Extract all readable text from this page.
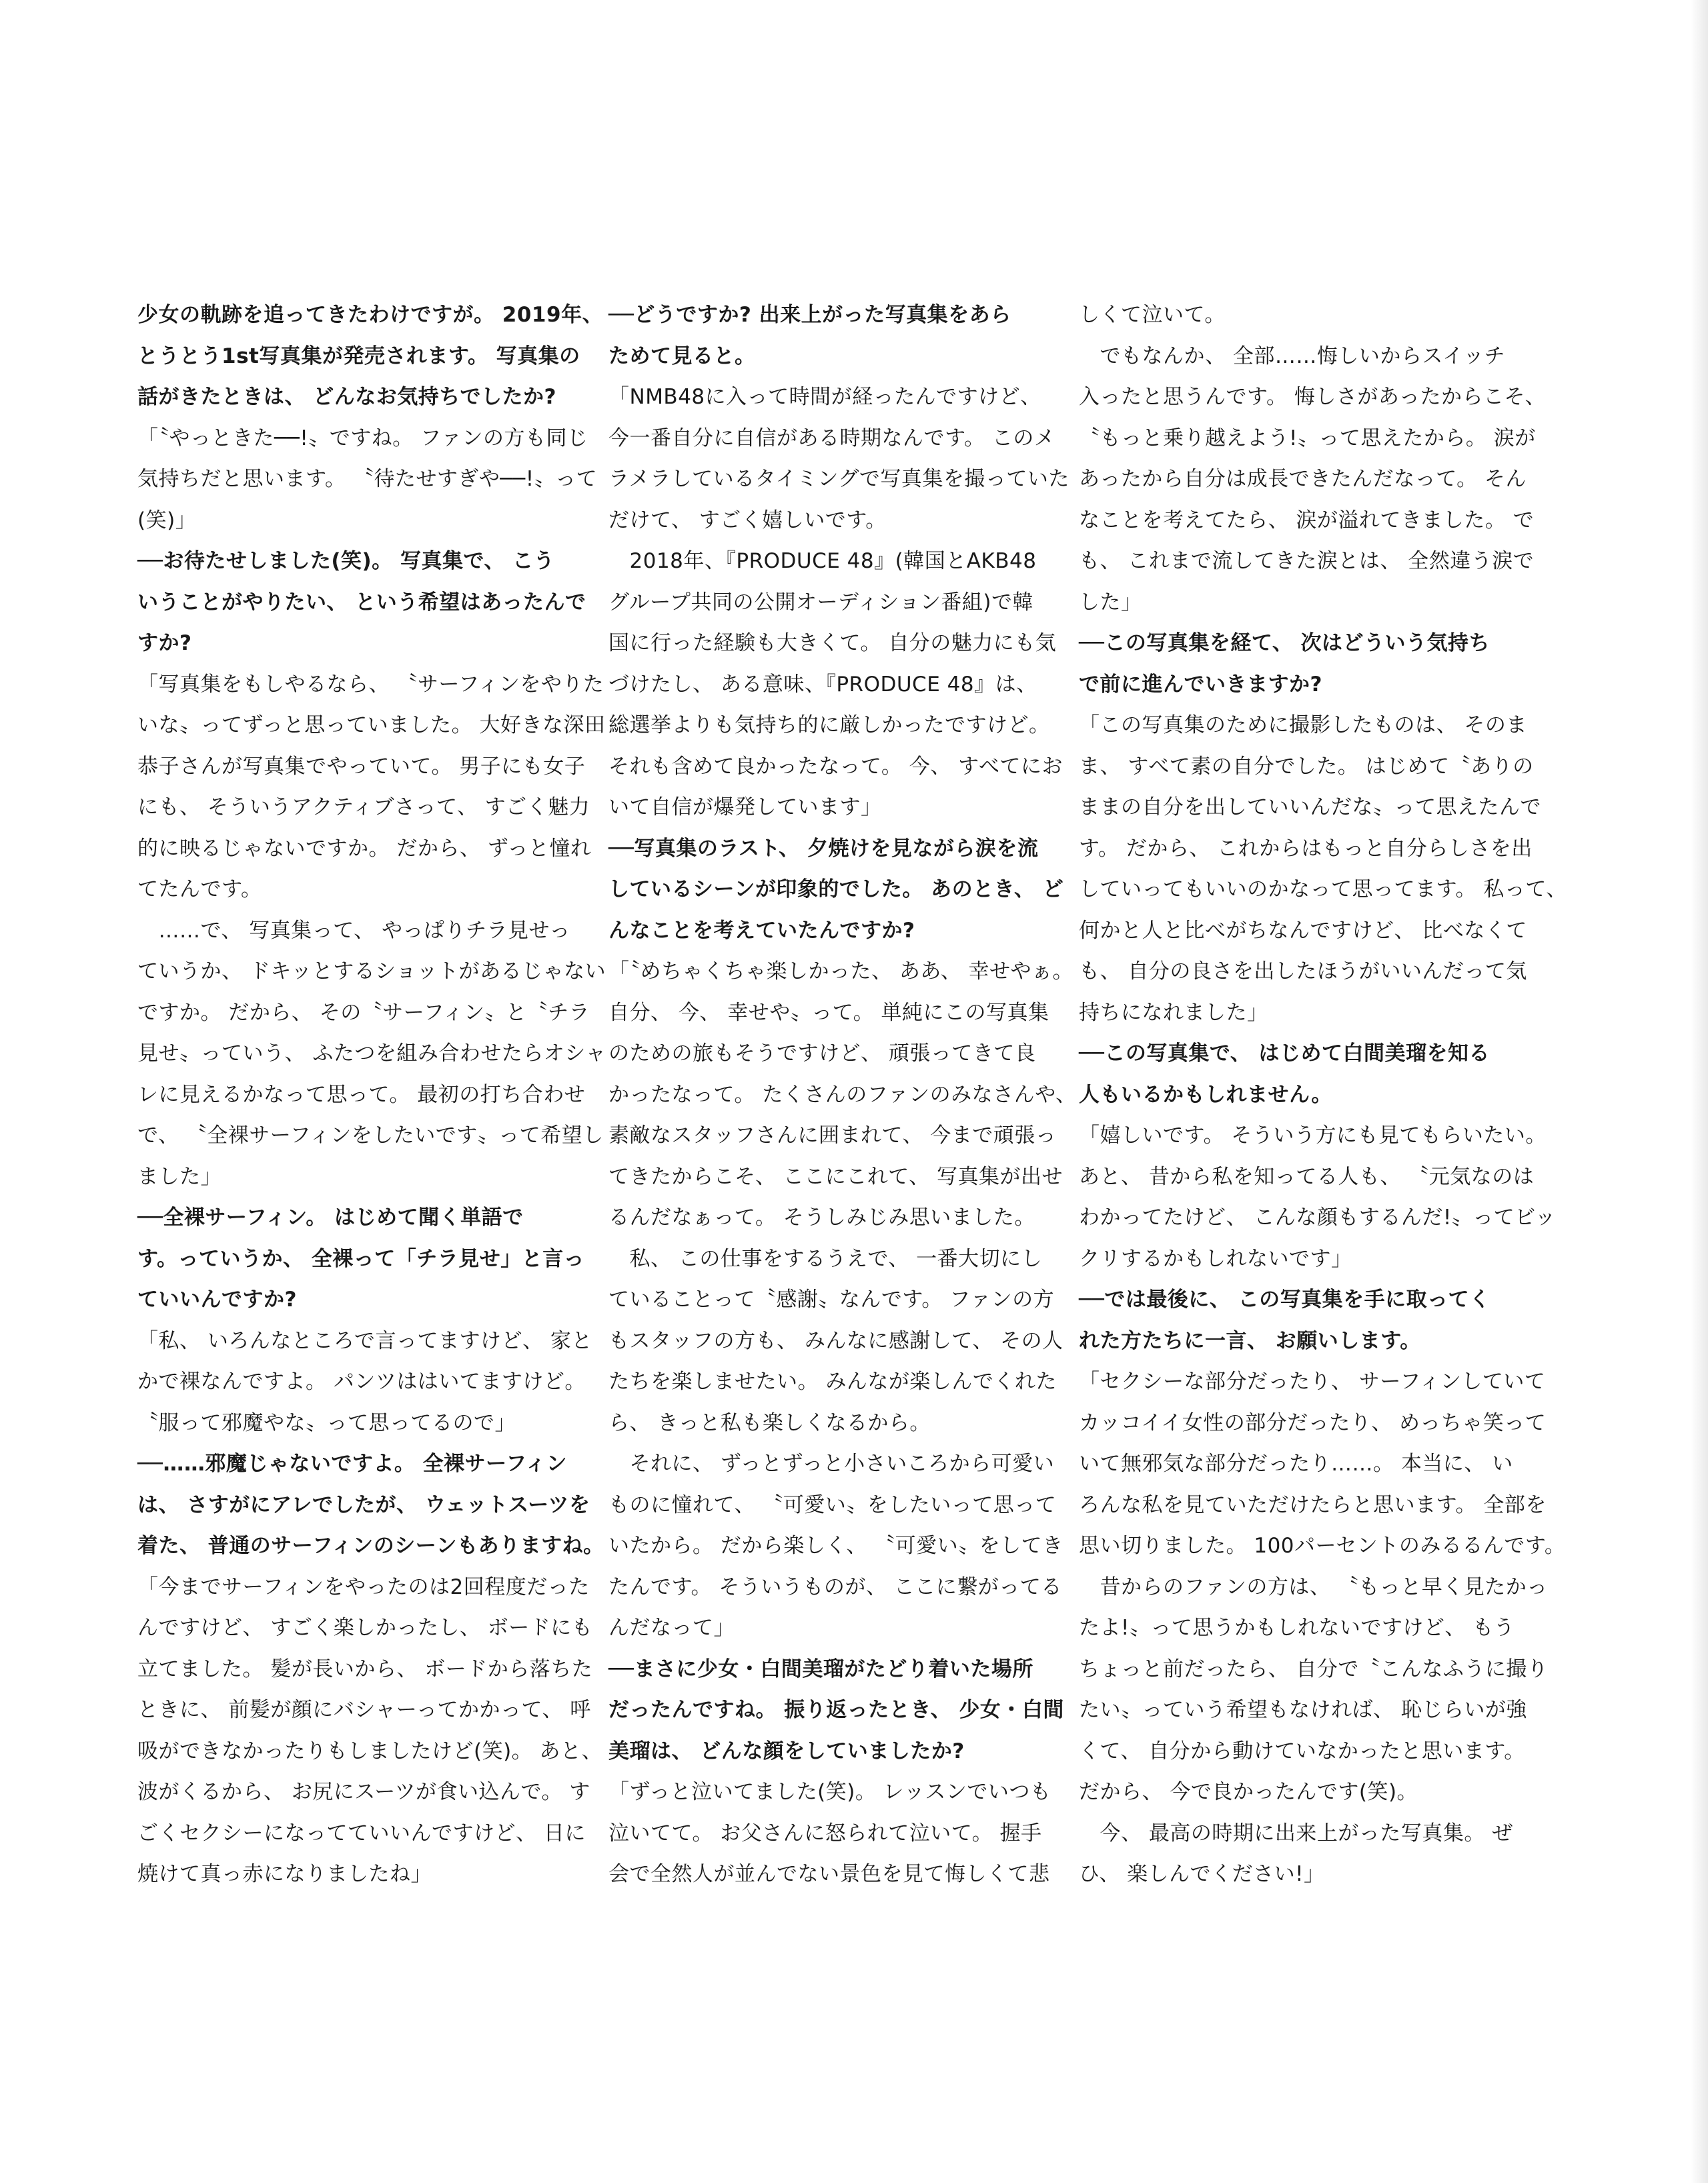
少女の軌跡を追ってきたわけですが。 2019年、
とうとう1st写真集が発売されます。 写真集の
話がきたときは、 どんなお気持ちでしたか?
「〝やっときた──!〟ですね。 ファンの方も同じ
気持ちだと思います。 〝待たせすぎや──!〟って
(笑)」
──お待たせしました(笑)。 写真集で、 こう
いうことがやりたい、 という希望はあったんで
すか?
「写真集をもしやるなら、 〝サーフィンをやりた
いな〟ってずっと思っていました。 大好きな深田
恭子さんが写真集でやっていて。 男子にも女子
にも、 そういうアクティブさって、 すごく魅力
的に映るじゃないですか。 だから、 ずっと憧れ
てたんです。
　……で、 写真集って、 やっぱりチラ見せっ
ていうか、 ドキッとするショットがあるじゃない
ですか。 だから、 その〝サーフィン〟と〝チラ
見せ〟っていう、 ふたつを組み合わせたらオシャ
レに見えるかなって思って。 最初の打ち合わせ
で、 〝全裸サーフィンをしたいです〟って希望し
ました」
──全裸サーフィン。 はじめて聞く単語で
す。っていうか、 全裸って「チラ見せ」と言っ
ていいんですか?
「私、 いろんなところで言ってますけど、 家と
かで裸なんですよ。 パンツははいてますけど。
〝服って邪魔やな〟って思ってるので」
──……邪魔じゃないですよ。 全裸サーフィン
は、 さすがにアレでしたが、 ウェットスーツを
着た、 普通のサーフィンのシーンもありますね。
「今までサーフィンをやったのは2回程度だった
んですけど、 すごく楽しかったし、 ボードにも
立てました。 髪が長いから、 ボードから落ちた
ときに、 前髪が顔にバシャーってかかって、 呼
吸ができなかったりもしましたけど(笑)。 あと、
波がくるから、 お尻にスーツが食い込んで。 す
ごくセクシーになってていいんですけど、 日に
焼けて真っ赤になりましたね」
──どうですか? 出来上がった写真集をあら
ためて見ると。
「NMB48に入って時間が経ったんですけど、
今一番自分に自信がある時期なんです。 このメ
ラメラしているタイミングで写真集を撮っていた
だけて、 すごく嬉しいです。
　2018年、『PRODUCE 48』(韓国とAKB48
グループ共同の公開オーディション番組)で韓
国に行った経験も大きくて。 自分の魅力にも気
づけたし、 ある意味、『PRODUCE 48』は、
総選挙よりも気持ち的に厳しかったですけど。
それも含めて良かったなって。 今、 すべてにお
いて自信が爆発しています」
──写真集のラスト、 夕焼けを見ながら涙を流
しているシーンが印象的でした。 あのとき、 ど
んなことを考えていたんですか?
「〝めちゃくちゃ楽しかった、 ああ、 幸せやぁ。
自分、 今、 幸せや〟って。 単純にこの写真集
のための旅もそうですけど、 頑張ってきて良
かったなって。 たくさんのファンのみなさんや、
素敵なスタッフさんに囲まれて、 今まで頑張っ
てきたからこそ、 ここにこれて、 写真集が出せ
るんだなぁって。 そうしみじみ思いました。
　私、 この仕事をするうえで、 一番大切にし
ていることって〝感謝〟なんです。 ファンの方
もスタッフの方も、 みんなに感謝して、 その人
たちを楽しませたい。 みんなが楽しんでくれた
ら、 きっと私も楽しくなるから。
　それに、 ずっとずっと小さいころから可愛い
ものに憧れて、 〝可愛い〟をしたいって思って
いたから。 だから楽しく、 〝可愛い〟をしてき
たんです。 そういうものが、 ここに繋がってる
んだなって」
──まさに少女・白間美瑠がたどり着いた場所
だったんですね。 振り返ったとき、 少女・白間
美瑠は、 どんな顔をしていましたか?
「ずっと泣いてました(笑)。 レッスンでいつも
泣いてて。 お父さんに怒られて泣いて。 握手
会で全然人が並んでない景色を見て悔しくて悲
しくて泣いて。
　でもなんか、 全部……悔しいからスイッチ
入ったと思うんです。 悔しさがあったからこそ、
〝もっと乗り越えよう!〟って思えたから。 涙が
あったから自分は成長できたんだなって。 そん
なことを考えてたら、 涙が溢れてきました。 で
も、 これまで流してきた涙とは、 全然違う涙で
した」
──この写真集を経て、 次はどういう気持ち
で前に進んでいきますか?
「この写真集のために撮影したものは、 そのま
ま、 すべて素の自分でした。 はじめて〝ありの
ままの自分を出していいんだな〟って思えたんで
す。 だから、 これからはもっと自分らしさを出
していってもいいのかなって思ってます。 私って、
何かと人と比べがちなんですけど、 比べなくて
も、 自分の良さを出したほうがいいんだって気
持ちになれました」
──この写真集で、 はじめて白間美瑠を知る
人もいるかもしれません。
「嬉しいです。 そういう方にも見てもらいたい。
あと、 昔から私を知ってる人も、 〝元気なのは
わかってたけど、 こんな顔もするんだ!〟ってビッ
クリするかもしれないです」
──では最後に、 この写真集を手に取ってく
れた方たちに一言、 お願いします。
「セクシーな部分だったり、 サーフィンしていて
カッコイイ女性の部分だったり、 めっちゃ笑って
いて無邪気な部分だったり……。 本当に、 い
ろんな私を見ていただけたらと思います。 全部を
思い切りました。 100パーセントのみるるんです。
　昔からのファンの方は、 〝もっと早く見たかっ
たよ!〟って思うかもしれないですけど、 もう
ちょっと前だったら、 自分で〝こんなふうに撮り
たい〟っていう希望もなければ、 恥じらいが強
くて、 自分から動けていなかったと思います。
だから、 今で良かったんです(笑)。
　今、 最高の時期に出来上がった写真集。 ぜ
ひ、 楽しんでください!」
